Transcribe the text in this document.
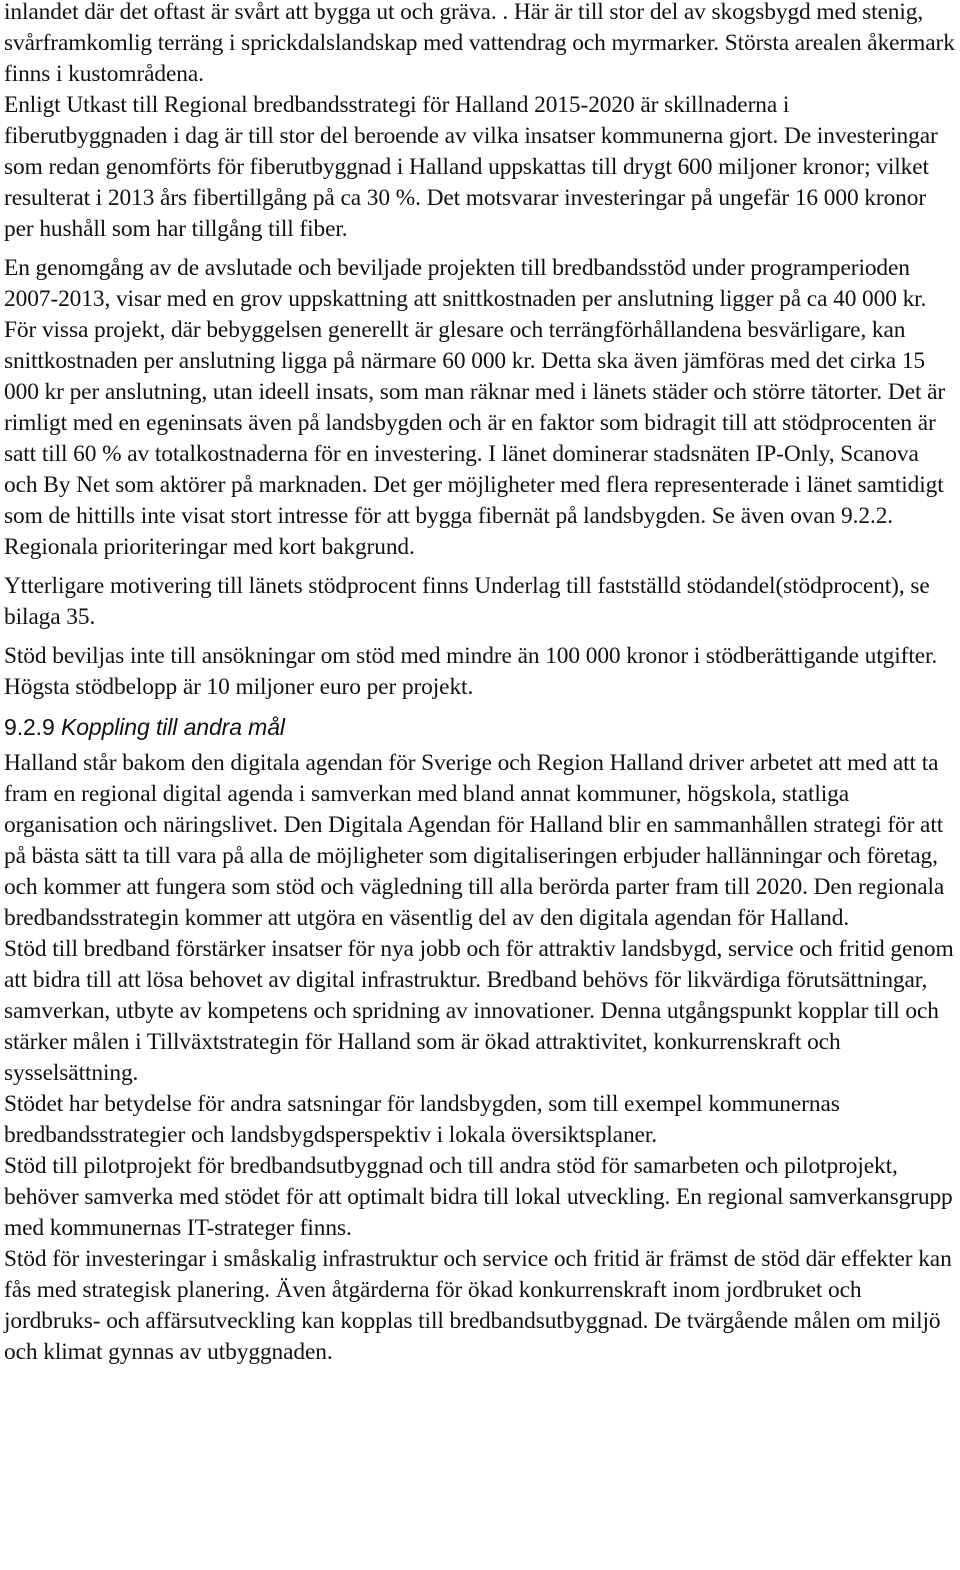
inlandet där det oftast är svårt att bygga ut och gräva. . Här är till stor del av skogsbygd med stenig, svårframkomlig terräng i sprickdalslandskap med vattendrag och myrmarker. Största arealen åkermark finns i kustområdena.

Enligt Utkast till Regional bredbandsstrategi för Halland 2015-2020 är skillnaderna i fiberutbyggnaden i dag är till stor del beroende av vilka insatser kommunerna gjort. De investeringar som redan genomförts för fiberutbyggnad i Halland uppskattas till drygt 600 miljoner kronor; vilket resulterat i 2013 års fibertillgång på ca 30 %. Det motsvarar investeringar på ungefär 16 000 kronor per hushåll som har tillgång till fiber.

En genomgång av de avslutade och beviljade projekten till bredbandsstöd under programperioden 2007-2013, visar med en grov uppskattning att snittkostnaden per anslutning ligger på ca 40 000 kr. För vissa projekt, där bebyggelsen generellt är glesare och terrängförhållandena besvärligare, kan snittkostnaden per anslutning ligga på närmare 60 000 kr. Detta ska även jämföras med det cirka 15 000 kr per anslutning, utan ideell insats, som man räknar med i länets städer och större tätorter. Det är rimligt med en egeninsats även på landsbygden och är en faktor som bidragit till att stödprocenten är satt till 60 % av totalkostnaderna för en investering. I länet dominerar stadsnäten IP-Only, Scanova och By Net som aktörer på marknaden. Det ger möjligheter med flera representerade i länet samtidigt som de hittills inte visat stort intresse för att bygga fibernät på landsbygden. Se även ovan 9.2.2. Regionala prioriteringar med kort bakgrund.

Ytterligare motivering till länets stödprocent finns Underlag till fastställd stödandel(stödprocent), se bilaga 35.

Stöd beviljas inte till ansökningar om stöd med mindre än 100 000 kronor i stödberättigande utgifter. Högsta stödbelopp är 10 miljoner euro per projekt.

9.2.9 Koppling till andra mål

Halland står bakom den digitala agendan för Sverige och Region Halland driver arbetet att med att ta fram en regional digital agenda i samverkan med bland annat kommuner, högskola, statliga organisation och näringslivet. Den Digitala Agendan för Halland blir en sammanhållen strategi för att på bästa sätt ta till vara på alla de möjligheter som digitaliseringen erbjuder hallänningar och företag, och kommer att fungera som stöd och vägledning till alla berörda parter fram till 2020. Den regionala bredbandsstrategin kommer att utgöra en väsentlig del av den digitala agendan för Halland.

Stöd till bredband förstärker insatser för nya jobb och för attraktiv landsbygd, service och fritid genom att bidra till att lösa behovet av digital infrastruktur. Bredband behövs för likvärdiga förutsättningar, samverkan, utbyte av kompetens och spridning av innovationer. Denna utgångspunkt kopplar till och stärker målen i Tillväxtstrategin för Halland som är ökad attraktivitet, konkurrenskraft och sysselsättning.

Stödet har betydelse för andra satsningar för landsbygden, som till exempel kommunernas bredbandsstrategier och landsbygdsperspektiv i lokala översiktsplaner.

Stöd till pilotprojekt för bredbandsutbyggnad och till andra stöd för samarbeten och pilotprojekt, behöver samverka med stödet för att optimalt bidra till lokal utveckling. En regional samverkansgrupp med kommunernas IT-strateger finns.

Stöd för investeringar i småskalig infrastruktur och service och fritid är främst de stöd där effekter kan fås med strategisk planering. Även åtgärderna för ökad konkurrenskraft inom jordbruket och jordbruks- och affärsutveckling kan kopplas till bredbandsutbyggnad. De tvärgående målen om miljö och klimat gynnas av utbyggnaden.
